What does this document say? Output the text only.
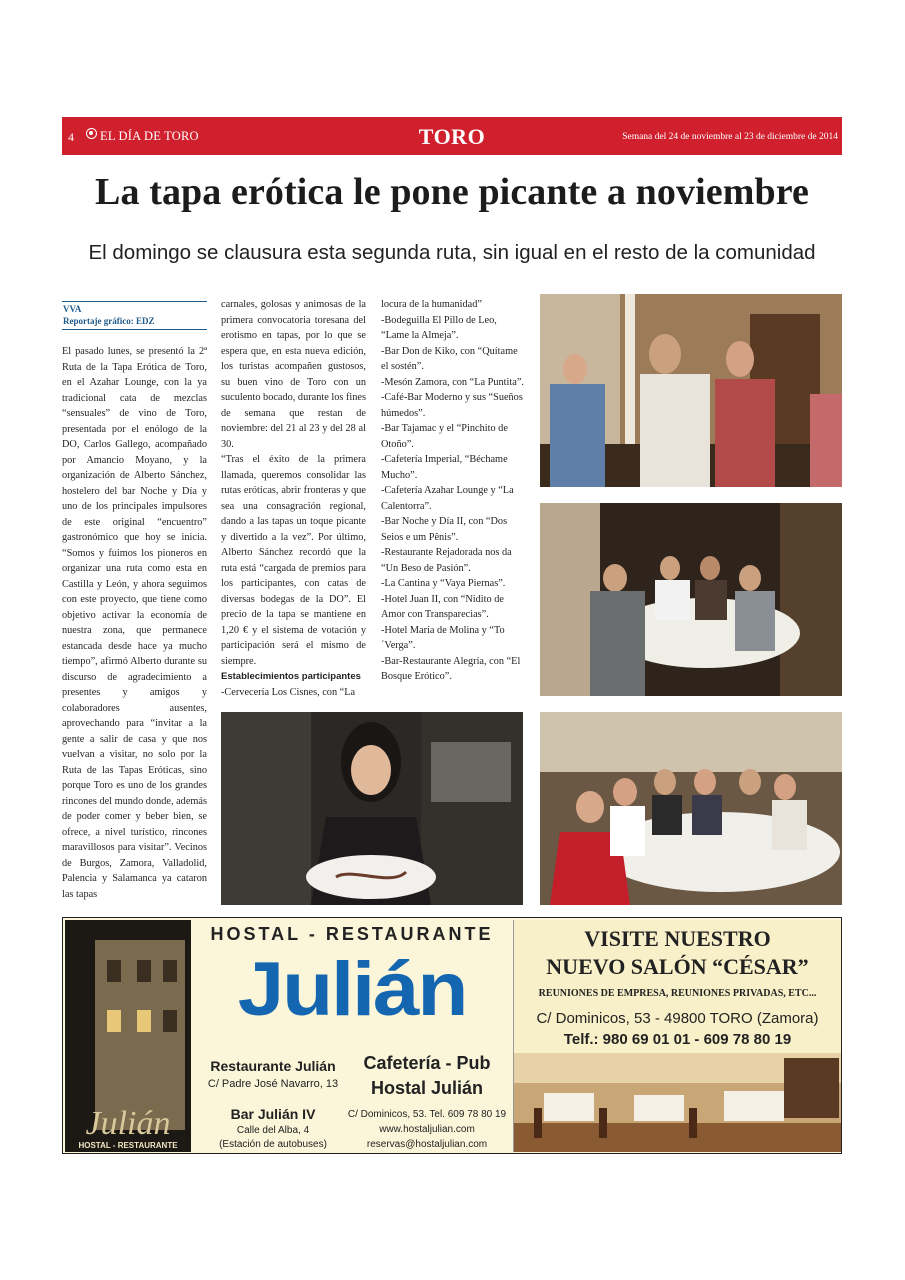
4 EL DÍA DE TORO	TORO	Semana del 24 de noviembre al 23 de diciembre de 2014
La tapa erótica le pone picante a noviembre
El domingo se clausura esta segunda ruta, sin igual en el resto de la comunidad
VVA
Reportaje gráfico: EDZ

El pasado lunes, se presentó la 2ª Ruta de la Tapa Erótica de Toro, en el Azahar Lounge, con la ya tradicional cata de mezclas “sensuales” de vino de Toro, presentada por el enólogo de la DO, Carlos Gallego, acompañado por Amancio Moyano, y la organización de Alberto Sánchez, hostelero del bar Noche y Día y uno de los principales impulsores de este original “encuentro” gastronómico que hoy se inicia. “Somos y fuimos los pioneros en organizar una ruta como esta en Castilla y León, y ahora seguimos con este proyecto, que tiene como objetivo activar la economía de nuestra zona, que permanece estancada desde hace ya mucho tiempo”, afirmó Alberto durante su discurso de agradecimiento a presentes y amigos y colaboradores ausentes, aprovechando para “invitar a la gente a salir de casa y que nos vuelvan a visitar, no solo por la Ruta de las Tapas Eróticas, sino porque Toro es uno de los grandes rincones del mundo donde, además de poder comer y beber bien, se ofrece, a nivel turístico, rincones maravillosos para visitar”. Vecinos de Burgos, Zamora, Valladolid, Palencia y Salamanca ya cataron las tapas

carnales, golosas y animosas de la primera convocatoria toresana del erotismo en tapas, por lo que se espera que, en esta nueva edición, los turistas acompañen gustosos, su buen vino de Toro con un suculento bocado, durante los fines de semana que restan de noviembre: del 21 al 23 y del 28 al 30.

“Tras el éxito de la primera llamada, queremos consolidar las rutas eróticas, abrir fronteras y que sea una consagración regional, dando a las tapas un toque picante y divertido a la vez”. Por último, Alberto Sánchez recordó que la ruta está “cargada de premios para los participantes, con catas de diversas bodegas de la DO”. El precio de la tapa se mantiene en 1,20 € y el sistema de votación y participación será el mismo de siempre.

Establecimientos participantes

-Cervecería Los Cisnes, con “La

locura de la humanidad”

-Bodeguilla El Pillo de Leo, “Lame la Almeja”.

-Bar Don de Kiko, con “Quítame el sostén”.

-Mesón Zamora, con “La Puntita”.

-Café-Bar Moderno y sus “Sueños húmedos”.

-Bar Tajamac y el “Pinchito de Otoño”.

-Cafetería Imperial, “Béchame Mucho”.

-Cafetería Azahar Lounge y “La Calentorra”.

-Bar Noche y Día II, con “Dos Seios e um Pênis”.

-Restaurante Rejadorada nos da “Un Beso de Pasión”.

-La Cantina y “Vaya Piernas”.

-Hotel Juan II, con “Nidito de Amor con Transparecias”.

-Hotel María de Molina y “To´Verga”.

-Bar-Restaurante Alegría, con “El Bosque Erótico”.

Julián
HOSTAL - RESTAURANTE
HOSTAL - RESTAURANTE
Julián
Restaurante Julián
C/ Padre José Navarro, 13
Bar Julián IV
Calle del Alba, 4
(Estación de autobuses)
Cafetería - Pub
Hostal Julián
C/ Dominicos, 53. Tel. 609 78 80 19
www.hostaljulian.com
reservas@hostaljulian.com
VISITE NUESTRO
NUEVO SALÓN “CÉSAR”
REUNIONES DE EMPRESA, REUNIONES PRIVADAS, ETC...
C/ Dominicos, 53 - 49800 TORO (Zamora)
Telf.: 980 69 01 01 - 609 78 80 19
